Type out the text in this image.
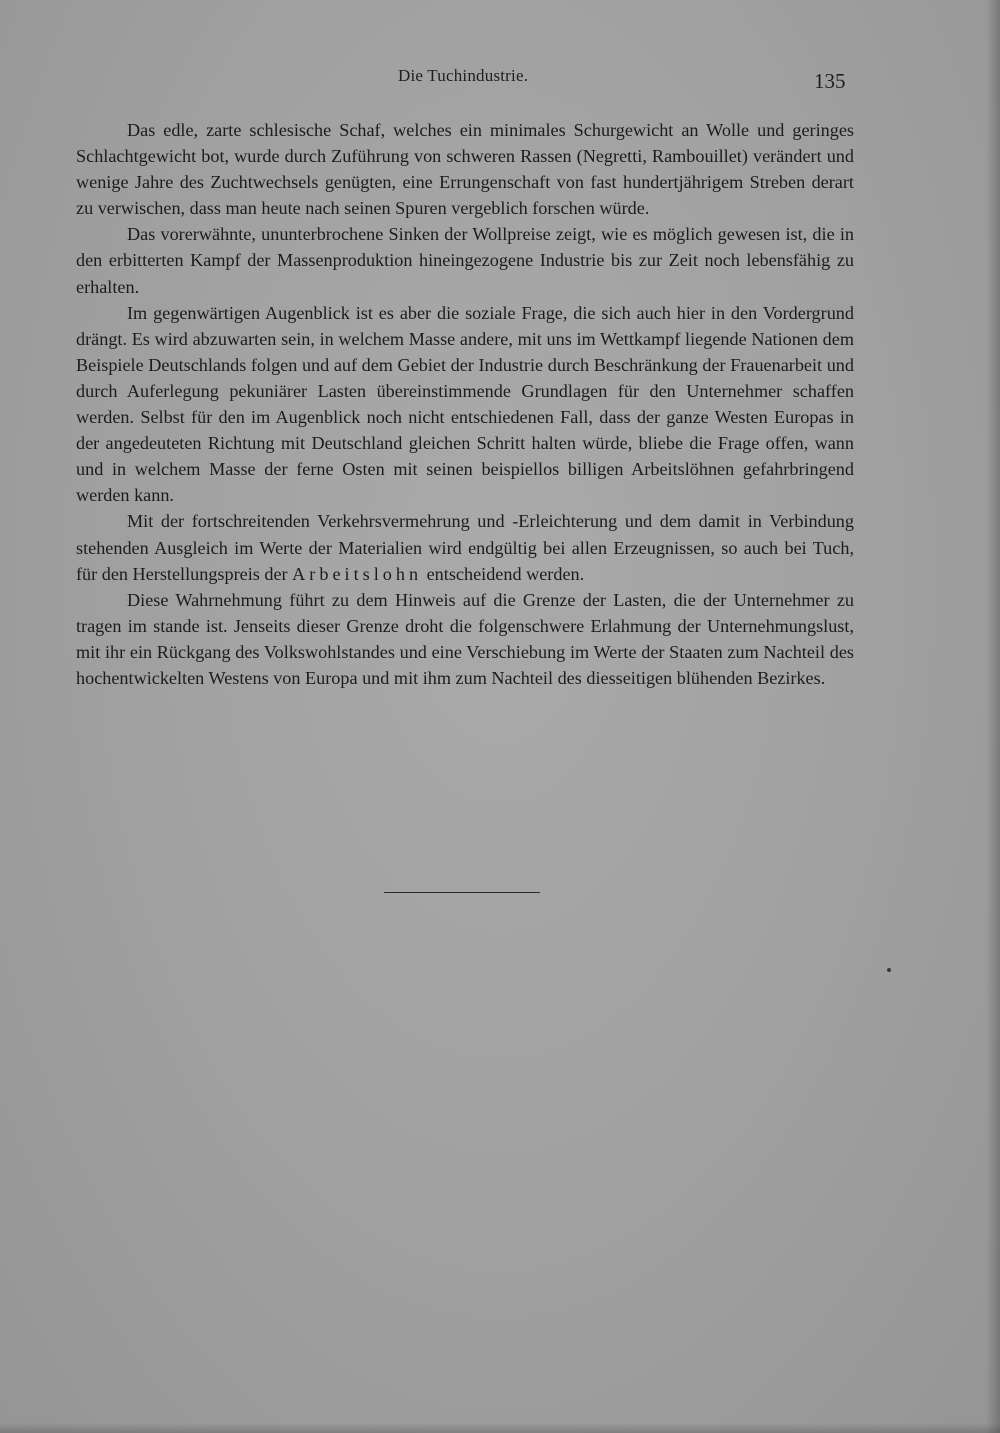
Die Tuchindustrie.	135

Das edle, zarte schlesische Schaf, welches ein minimales Schurgewicht an Wolle und geringes Schlachtgewicht bot, wurde durch Zuführung von schweren Rassen (Negretti, Rambouillet) verändert und wenige Jahre des Zuchtwechsels genügten, eine Errungenschaft von fast hundertjährigem Streben derart zu verwischen, dass man heute nach seinen Spuren vergeblich forschen würde.

Das vorerwähnte, ununterbrochene Sinken der Wollpreise zeigt, wie es möglich gewesen ist, die in den erbitterten Kampf der Massenproduktion hineingezogene Industrie bis zur Zeit noch lebensfähig zu erhalten.

Im gegenwärtigen Augenblick ist es aber die soziale Frage, die sich auch hier in den Vordergrund drängt. Es wird abzuwarten sein, in welchem Masse andere, mit uns im Wettkampf liegende Nationen dem Beispiele Deutschlands folgen und auf dem Gebiet der Industrie durch Beschränkung der Frauenarbeit und durch Auferlegung pekuniärer Lasten übereinstimmende Grundlagen für den Unternehmer schaffen werden. Selbst für den im Augenblick noch nicht entschiedenen Fall, dass der ganze Westen Europas in der angedeuteten Richtung mit Deutschland gleichen Schritt halten würde, bliebe die Frage offen, wann und in welchem Masse der ferne Osten mit seinen beispiellos billigen Arbeitslöhnen gefahrbringend werden kann.

Mit der fortschreitenden Verkehrsvermehrung und -Erleichterung und dem damit in Verbindung stehenden Ausgleich im Werte der Materialien wird endgültig bei allen Erzeugnissen, so auch bei Tuch, für den Herstellungspreis der Arbeitslohn entscheidend werden.

Diese Wahrnehmung führt zu dem Hinweis auf die Grenze der Lasten, die der Unternehmer zu tragen im stande ist. Jenseits dieser Grenze droht die folgenschwere Erlahmung der Unternehmungslust, mit ihr ein Rückgang des Volkswohlstandes und eine Verschiebung im Werte der Staaten zum Nachteil des hochentwickelten Westens von Europa und mit ihm zum Nachteil des diesseitigen blühenden Bezirkes.
